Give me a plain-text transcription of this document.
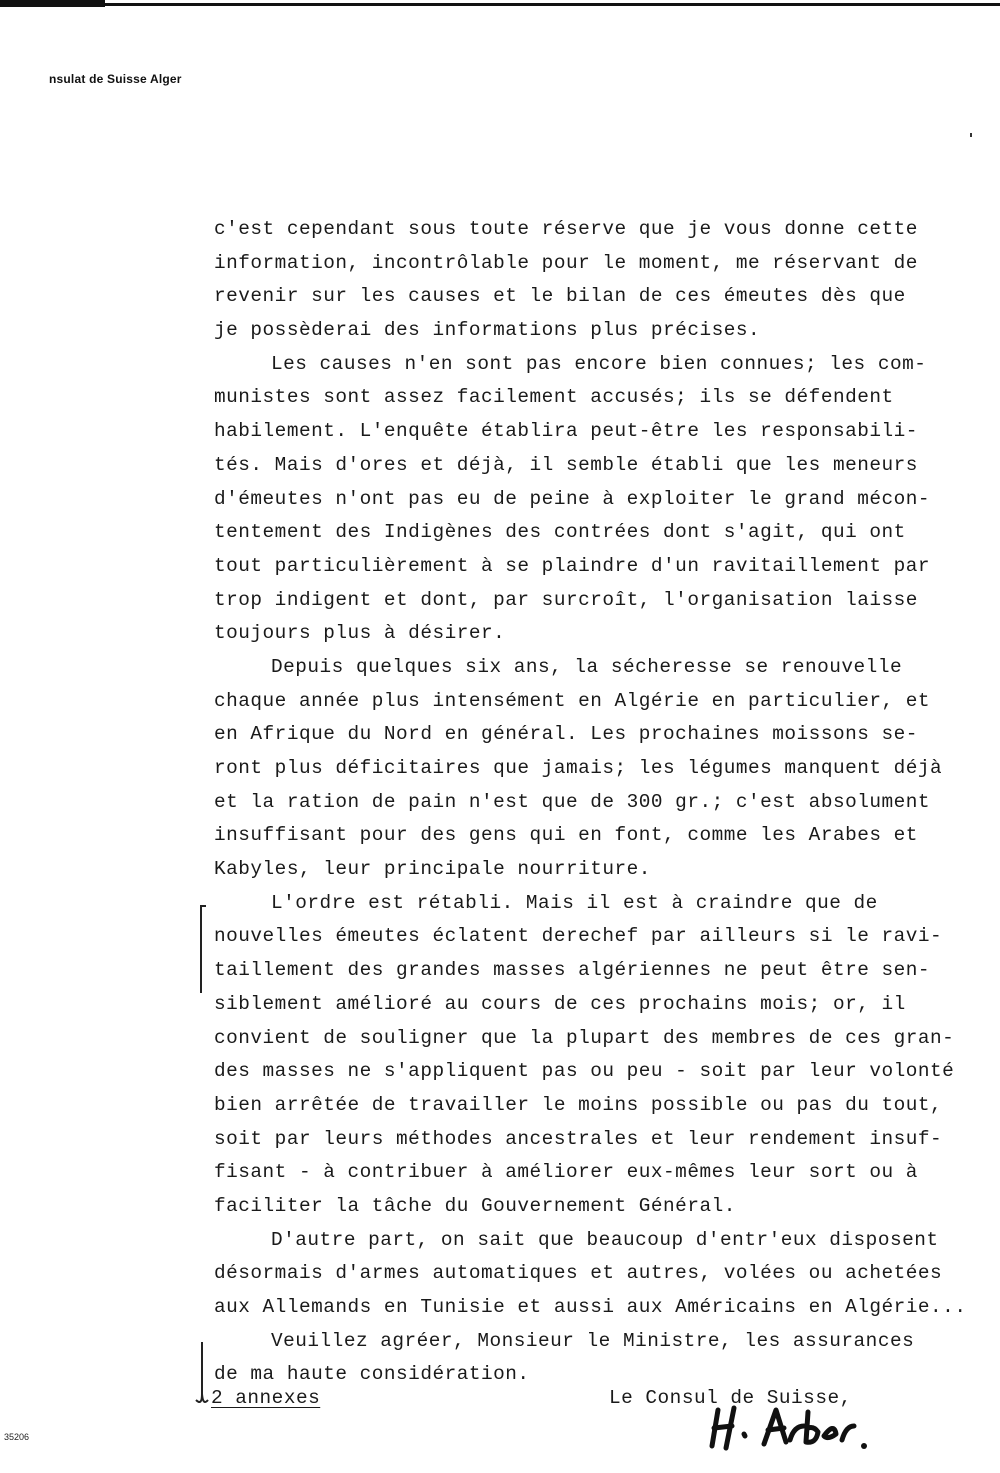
nsulat de Suisse Alger
c'est cependant sous toute réserve que je vous donne cette
information, incontrôlable pour le moment, me réservant de
revenir sur les causes et le bilan de ces émeutes dès que
je possèderai des informations plus précises.
Les causes n'en sont pas encore bien connues; les com-
munistes sont assez facilement accusés; ils se défendent
habilement. L'enquête établira peut-être les responsabili-
tés. Mais d'ores et déjà, il semble établi que les meneurs
d'émeutes n'ont pas eu de peine à exploiter le grand mécon-
tentement des Indigènes des contrées dont s'agit, qui ont
tout particulièrement à se plaindre d'un ravitaillement par
trop indigent et dont, par surcroît, l'organisation laisse
toujours plus à désirer.
Depuis quelques six ans, la sécheresse se renouvelle
chaque année plus intensément en Algérie en particulier, et
en Afrique du Nord en général. Les prochaines moissons se-
ront plus déficitaires que jamais; les légumes manquent déjà
et la ration de pain n'est que de 300 gr.; c'est absolument
insuffisant pour des gens qui en font, comme les Arabes et
Kabyles, leur principale nourriture.
L'ordre est rétabli. Mais il est à craindre que de
nouvelles émeutes éclatent derechef par ailleurs si le ravi-
taillement des grandes masses algériennes ne peut être sen-
siblement amélioré au cours de ces prochains mois; or, il
convient de souligner que la plupart des membres de ces gran-
des masses ne s'appliquent pas ou peu - soit par leur volonté
bien arrêtée de travailler le moins possible ou pas du tout,
soit par leurs méthodes ancestrales et leur rendement insuf-
fisant - à contribuer à améliorer eux-mêmes leur sort ou à
faciliter la tâche du Gouvernement Général.
D'autre part, on sait que beaucoup d'entr'eux disposent
désormais d'armes automatiques et autres, volées ou achetées
aux Allemands en Tunisie et aussi aux Américains en Algérie...
Veuillez agréer, Monsieur le Ministre, les assurances
de ma haute considération.
2 annexes	Le Consul de Suisse,
35206
